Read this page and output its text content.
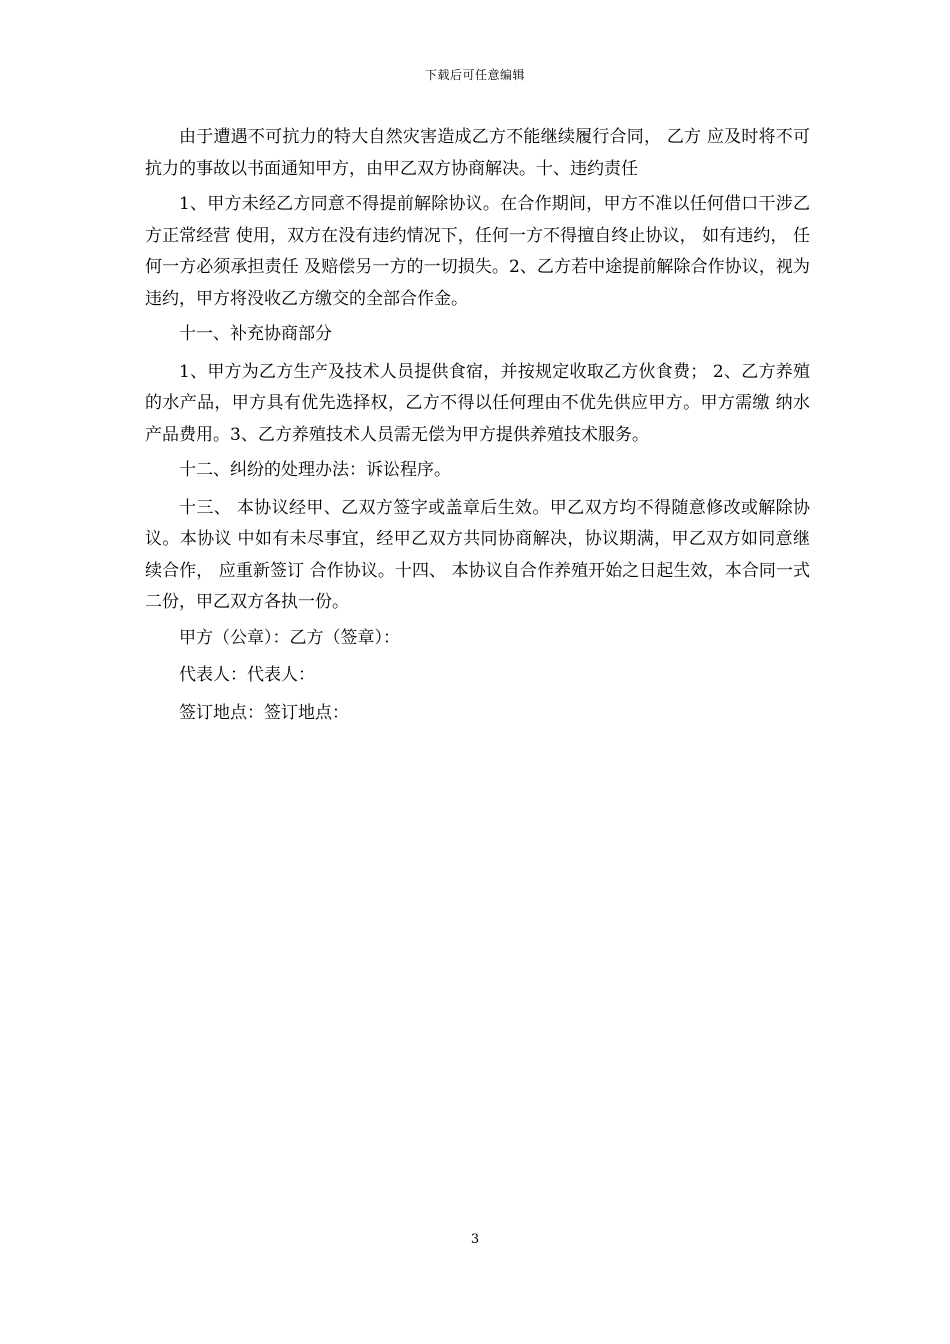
下载后可任意编辑

由于遭遇不可抗力的特大自然灾害造成乙方不能继续履行合同， 乙方 应及时将不可抗力的事故以书面通知甲方，由甲乙双方协商解决。十、违约责任

1、甲方未经乙方同意不得提前解除协议。在合作期间，甲方不准以任何借口干涉乙方正常经营 使用，双方在没有违约情况下，任何一方不得擅自终止协议， 如有违约， 任何一方必须承担责任 及赔偿另一方的一切损失。2、乙方若中途提前解除合作协议，视为违约，甲方将没收乙方缴交的全部合作金。

十一、补充协商部分

1、甲方为乙方生产及技术人员提供食宿，并按规定收取乙方伙食费； 2、乙方养殖的水产品，甲方具有优先选择权，乙方不得以任何理由不优先供应甲方。甲方需缴 纳水产品费用。3、乙方养殖技术人员需无偿为甲方提供养殖技术服务。

十二、纠纷的处理办法：诉讼程序。

十三、 本协议经甲、乙双方签字或盖章后生效。甲乙双方均不得随意修改或解除协议。本协议 中如有未尽事宜，经甲乙双方共同协商解决，协议期满，甲乙双方如同意继续合作， 应重新签订 合作协议。十四、 本协议自合作养殖开始之日起生效，本合同一式二份，甲乙双方各执一份。

甲方（公章）：乙方（签章）：

代表人：代表人：

签订地点：签订地点：

3
